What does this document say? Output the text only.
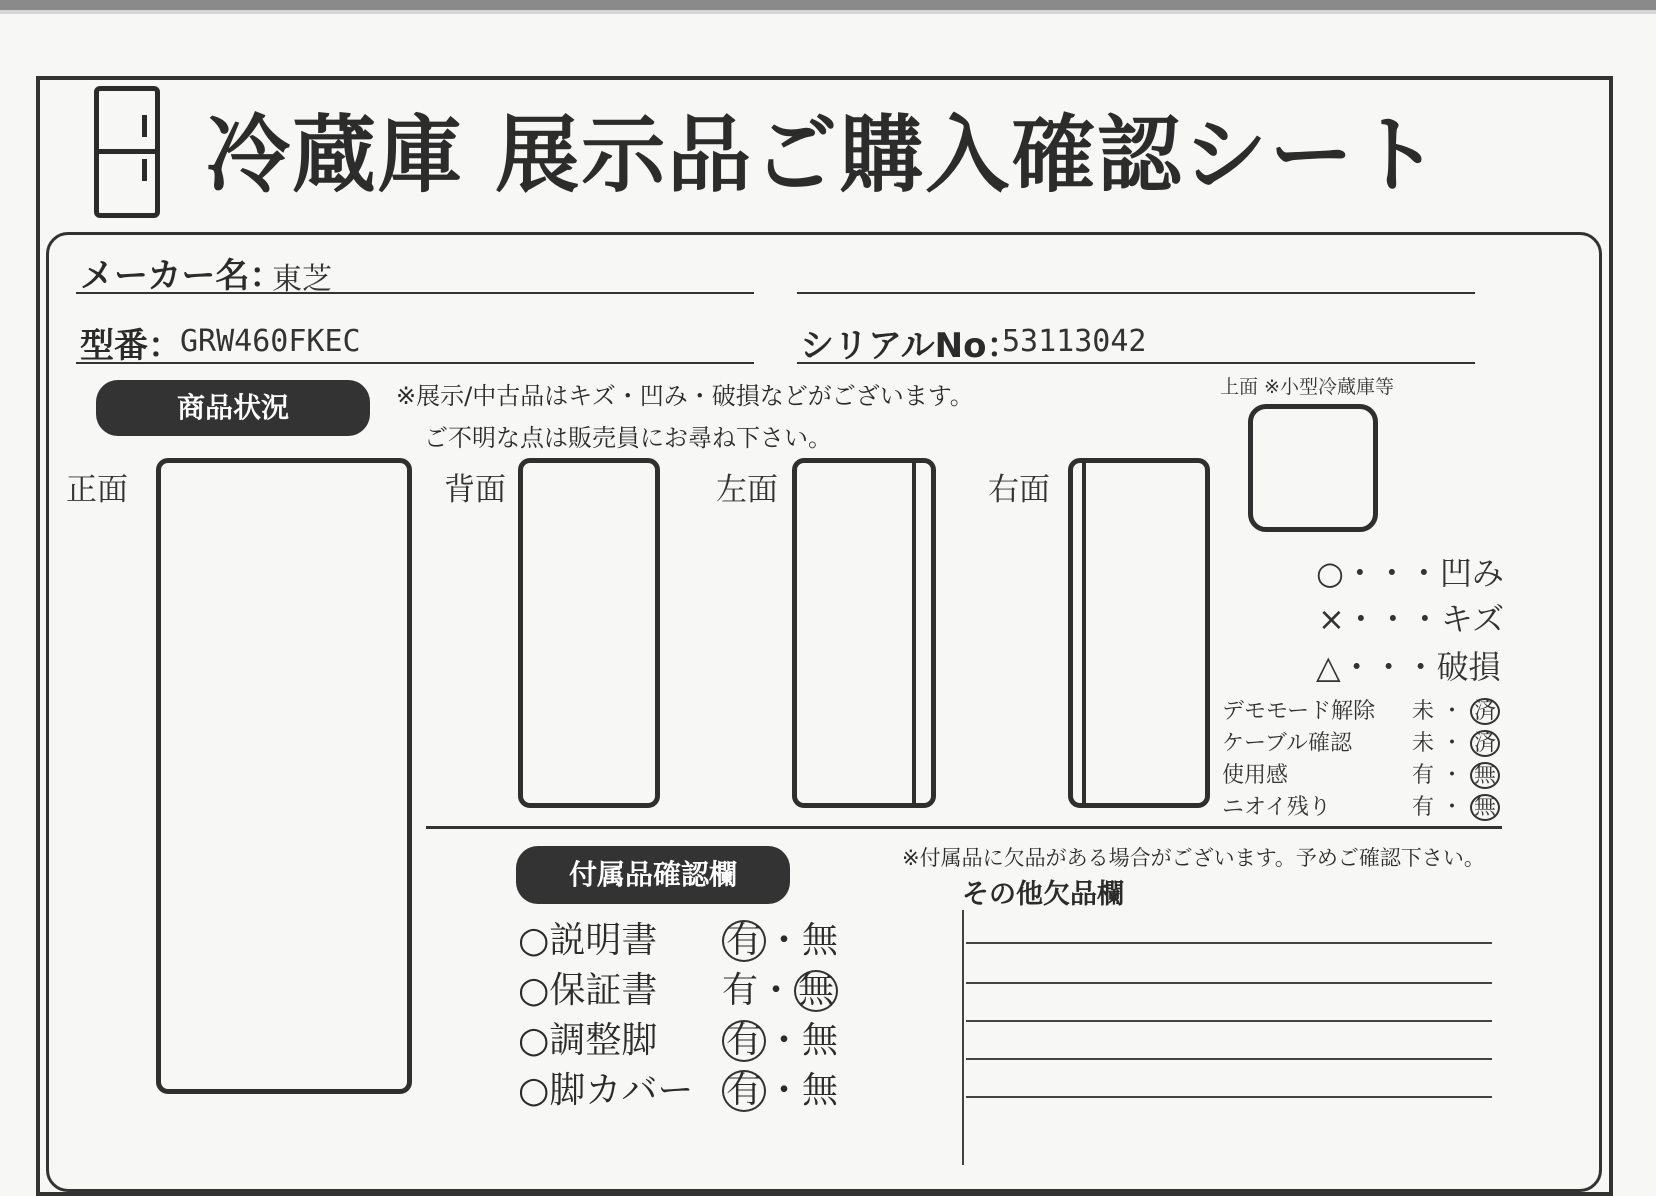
冷蔵庫 展示品ご購入確認シート
メーカー名：
東芝
型番：
GRW460FKEC	シリアルNo：
53113042
商品状況	※展示/中古品はキズ・凹み・破損などがございます。
ご不明な点は販売員にお尋ね下さい。
上面 ※小型冷蔵庫等
正面	背面	左面	右面
○・・・凹み
×・・・キズ
△・・・破損
デモモード解除 未 ・ 済
ケーブル確認	未 ・ 済
使用感	有 ・ 無
ニオイ残り	有 ・ 無
付属品確認欄	※付属品に欠品がある場合がございます。予めご確認下さい。
その他欠品欄
○説明書 有 ・無
○保証書 有・ 無
○調整脚 有 ・無
○脚カバー 有 ・無
